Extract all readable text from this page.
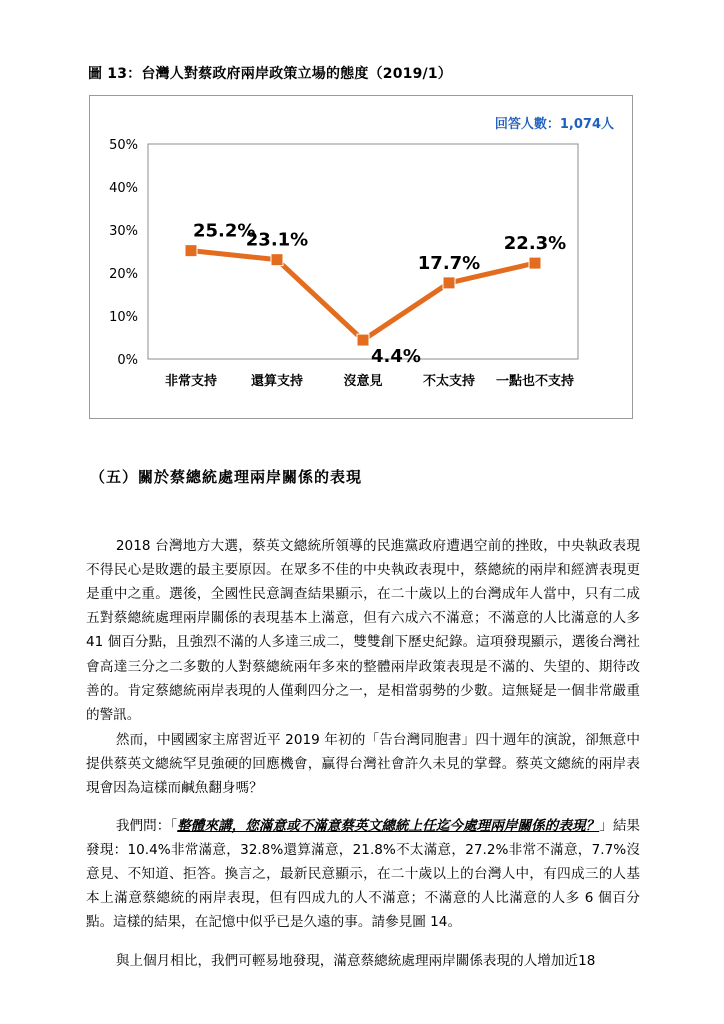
圖 13：台灣人對蔡政府兩岸政策立場的態度（2019/1）
0%
10%
20%
30%
40%
50%
非常支持	還算支持	沒意見	不太支持 一點也不支持
25.2%
23.1%
4.4%
17.7%
22.3%
回答人數：1,074人
（五）關於蔡總統處理兩岸關係的表現

2018 台灣地方大選，蔡英文總統所領導的民進黨政府遭遇空前的挫敗，中央執政表現不得民心是敗選的最主要原因。在眾多不佳的中央執政表現中，蔡總統的兩岸和經濟表現更是重中之重。選後，全國性民意調查結果顯示，在二十歲以上的台灣成年人當中，只有二成五對蔡總統處理兩岸關係的表現基本上滿意，但有六成六不滿意；不滿意的人比滿意的人多 41 個百分點，且強烈不滿的人多達三成二，雙雙創下歷史紀錄。這項發現顯示，選後台灣社會高達三分之二多數的人對蔡總統兩年多來的整體兩岸政策表現是不滿的、失望的、期待改善的。肯定蔡總統兩岸表現的人僅剩四分之一，是相當弱勢的少數。這無疑是一個非常嚴重的警訊。

然而，中國國家主席習近平 2019 年初的「告台灣同胞書」四十週年的演說，卻無意中提供蔡英文總統罕見強硬的回應機會，贏得台灣社會許久未見的掌聲。蔡英文總統的兩岸表現會因為這樣而鹹魚翻身嗎？

我們問：「整體來講，您滿意或不滿意蔡英文總統上任迄今處理兩岸關係的表現？」結果發現：10.4%非常滿意，32.8%還算滿意，21.8%不太滿意，27.2%非常不滿意，7.7%沒意見、不知道、拒答。換言之，最新民意顯示，在二十歲以上的台灣人中，有四成三的人基本上滿意蔡總統的兩岸表現，但有四成九的人不滿意；不滿意的人比滿意的人多 6 個百分點。這樣的結果，在記憶中似乎已是久遠的事。請參見圖 14。

與上個月相比，我們可輕易地發現，滿意蔡總統處理兩岸關係表現的人增加近18
